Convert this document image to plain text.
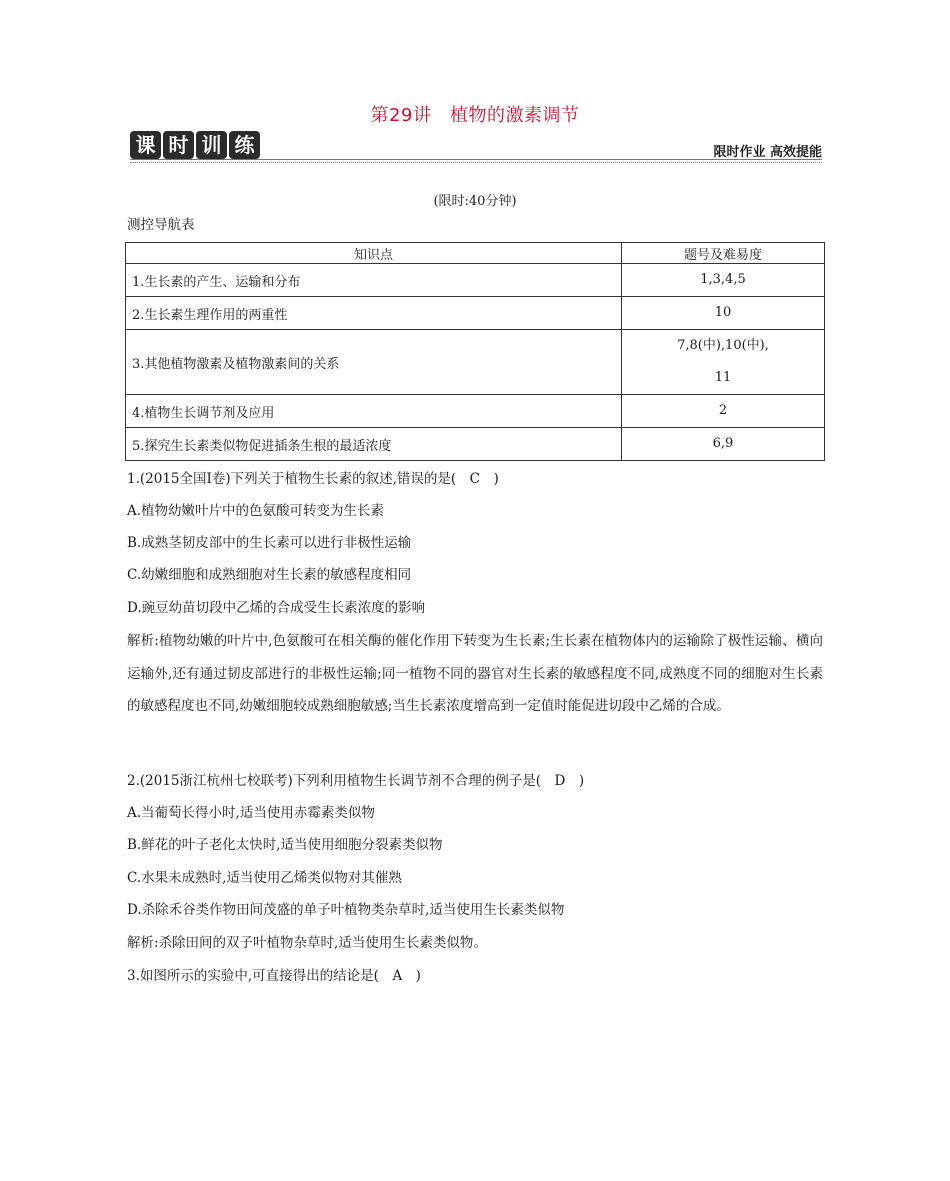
第29讲　植物的激素调节
课 时 训 练	限时作业 高效提能
(限时:40分钟)
测控导航表
知识点	题号及难易度
1.生长素的产生、运输和分布	1,3,4,5
2.生长素生理作用的两重性	10
3.其他植物激素及植物激素间的关系	7,8(中),10(中),
11
4.植物生长调节剂及应用	2
5.探究生长素类似物促进插条生根的最适浓度	6,9
1.(2015全国Ⅰ卷)下列关于植物生长素的叙述,错误的是(　C　)
A.植物幼嫩叶片中的色氨酸可转变为生长素
B.成熟茎韧皮部中的生长素可以进行非极性运输
C.幼嫩细胞和成熟细胞对生长素的敏感程度相同
D.豌豆幼苗切段中乙烯的合成受生长素浓度的影响
解析:植物幼嫩的叶片中,色氨酸可在相关酶的催化作用下转变为生长素;生长素在植物体内的运输除了极性运输、横向运输外,还有通过韧皮部进行的非极性运输;同一植物不同的器官对生长素的敏感程度不同,成熟度不同的细胞对生长素的敏感程度也不同,幼嫩细胞较成熟细胞敏感;当生长素浓度增高到一定值时能促进切段中乙烯的合成。
2.(2015浙江杭州七校联考)下列利用植物生长调节剂不合理的例子是(　D　)
A.当葡萄长得小时,适当使用赤霉素类似物
B.鲜花的叶子老化太快时,适当使用细胞分裂素类似物
C.水果未成熟时,适当使用乙烯类似物对其催熟
D.杀除禾谷类作物田间茂盛的单子叶植物类杂草时,适当使用生长素类似物
解析:杀除田间的双子叶植物杂草时,适当使用生长素类似物。
3.如图所示的实验中,可直接得出的结论是(　A　)
